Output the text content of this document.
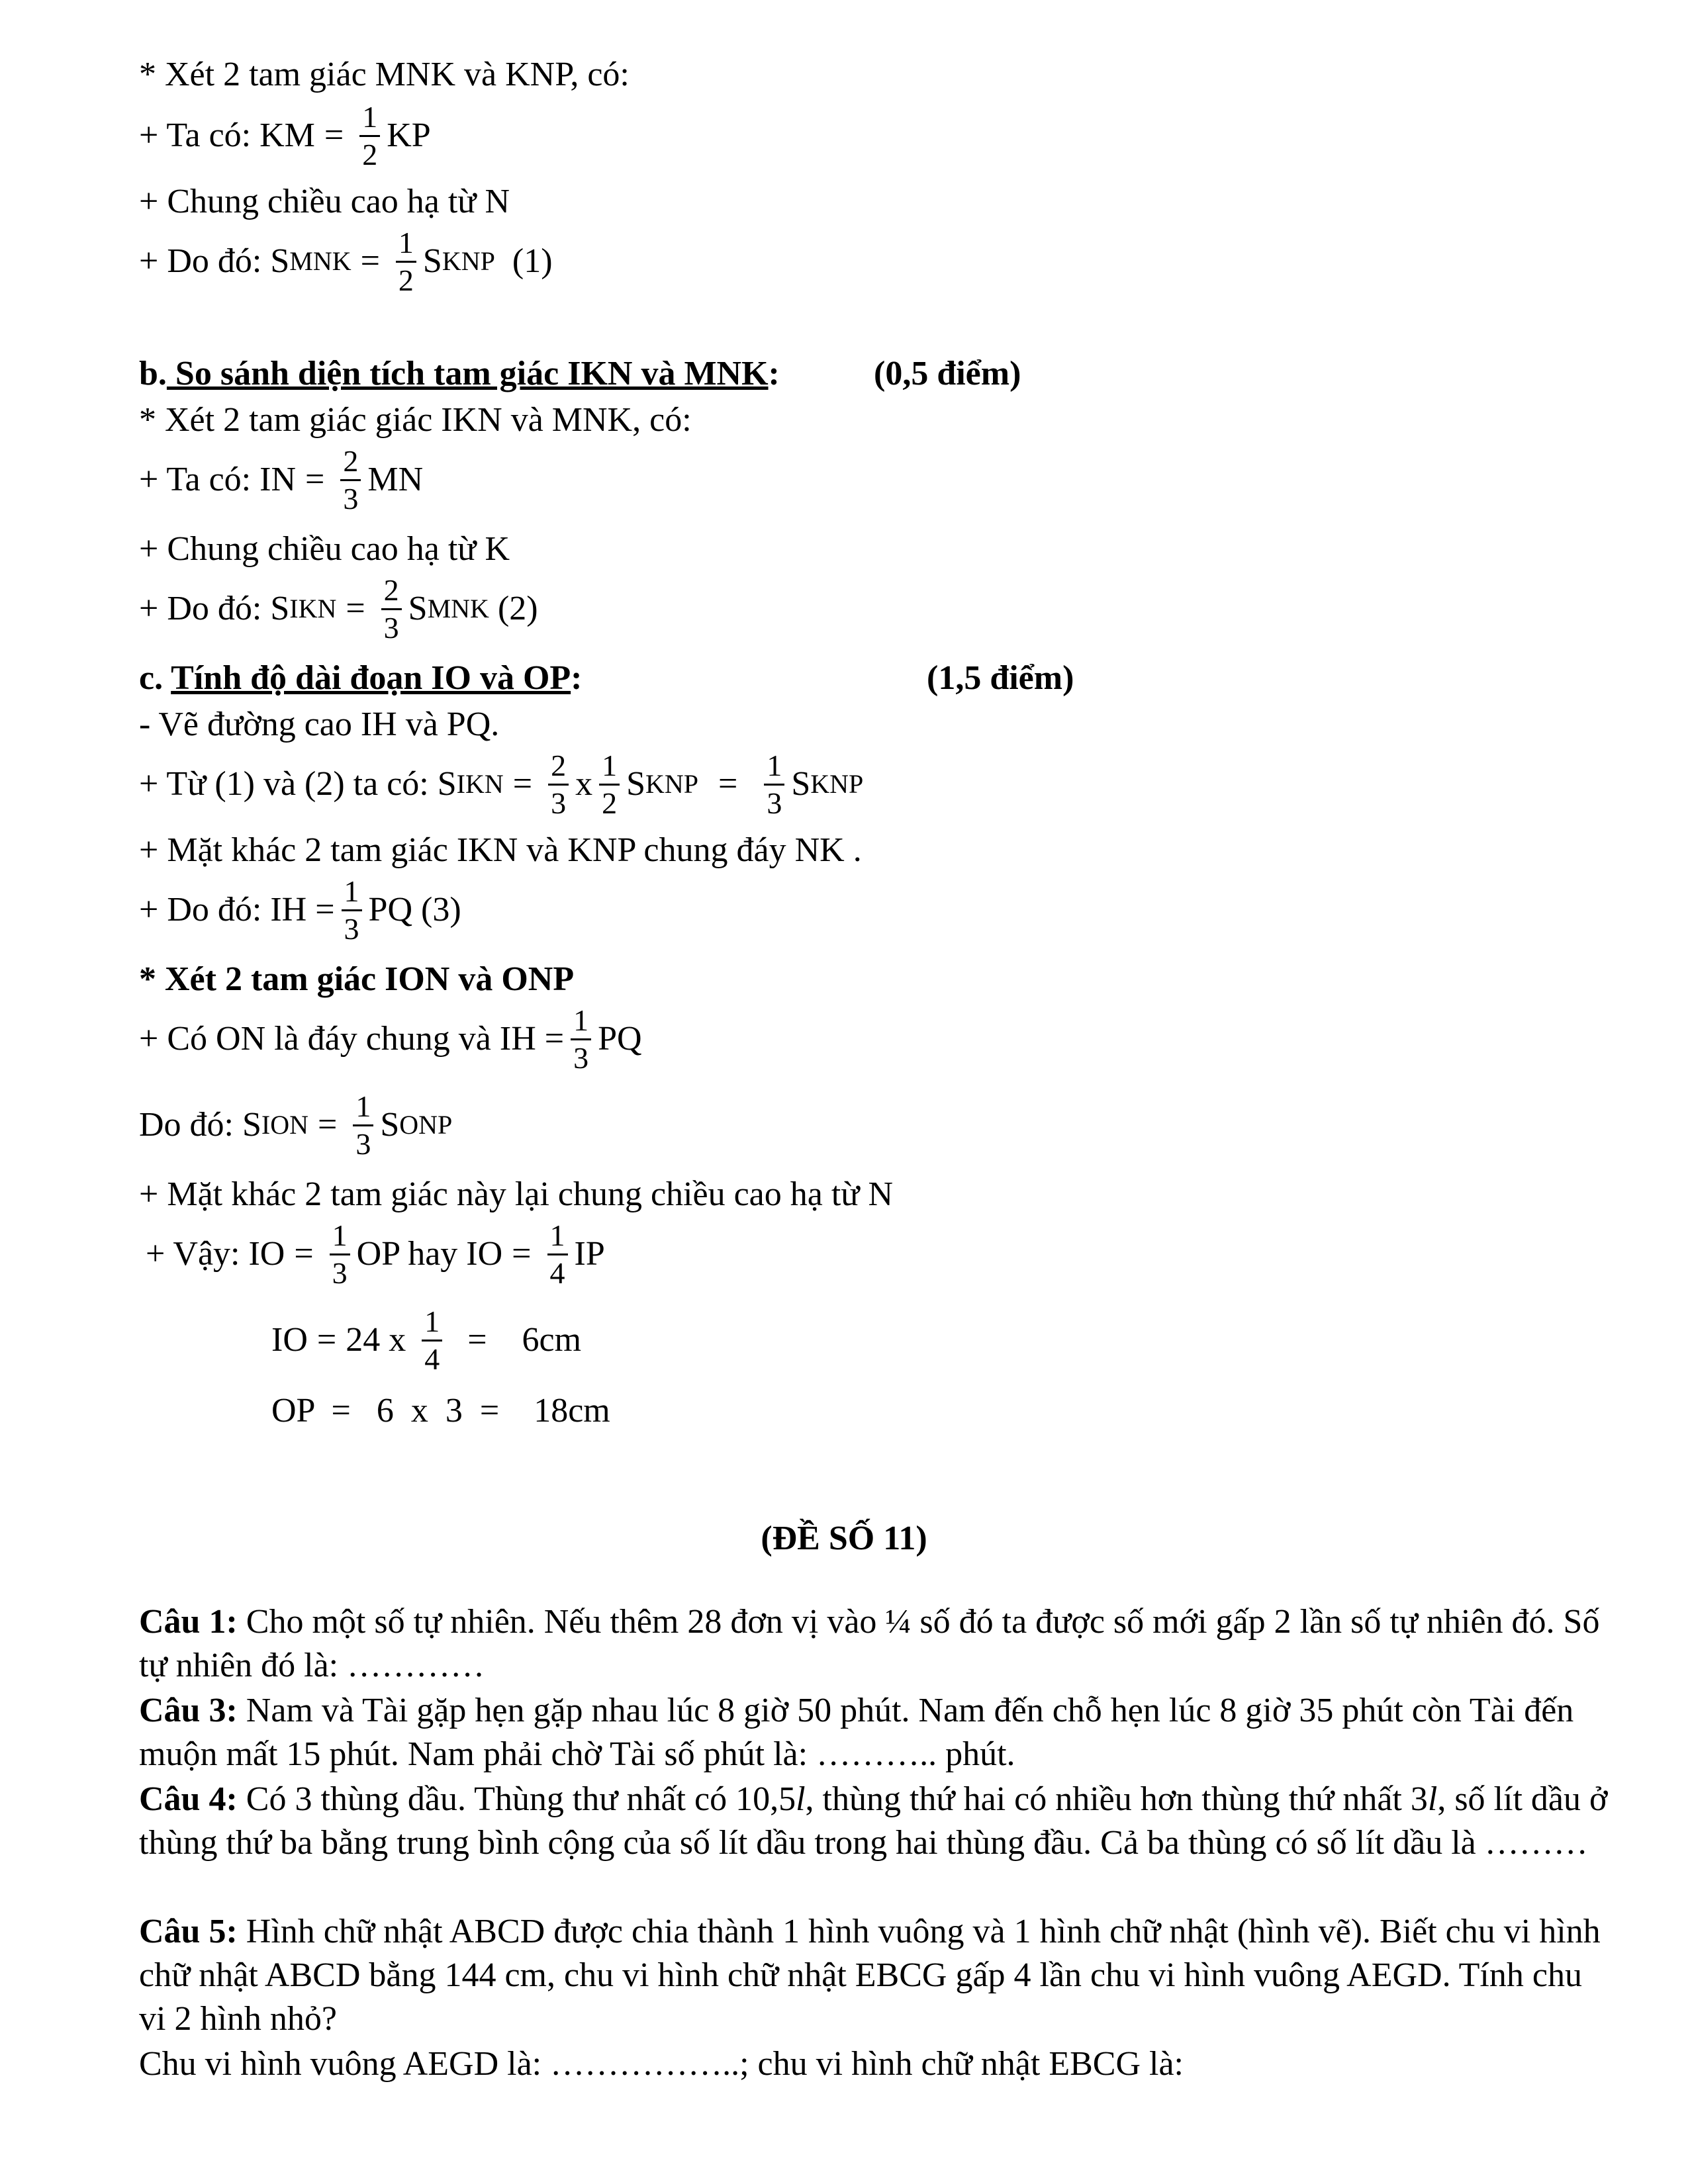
* Xét 2 tam giác MNK và KNP, có:
+ Ta có: KM = $\frac{1}{2}$ KP
+ Chung chiều cao hạ từ N
+ Do đó: S MNK = $\frac{1}{2}$ S KNP
(1)
b. So sánh diện tích tam giác IKN và MNK:	(0,5 điểm)
* Xét 2 tam giác giác IKN và MNK, có:
+ Ta có: IN = $\frac{2}{3}$ MN
+ Chung chiều cao hạ từ K
+ Do đó: S IKN = $\frac{2}{3}$ S MNK
(2)
c. Tính độ dài đoạn IO và OP:	(1,5 điểm)
- Vẽ đường cao IH và PQ.
+ Từ (1) và (2) ta có: S IKN = $\frac{2}{3}$ x $\frac{1}{2}$ S KNP = $\frac{1}{3}$ S KNP
+ Mặt khác 2 tam giác IKN và KNP chung đáy NK .
+ Do đó: IH = $\frac{1}{3}$ PQ (3)
* Xét 2 tam giác ION và ONP
+ Có ON là đáy chung và IH = $\frac{1}{3}$ PQ
Do đó: S ION = $\frac{1}{3}$ S ONP
+ Mặt khác 2 tam giác này lại chung chiều cao hạ từ N
+ Vậy: IO = $\frac{1}{3}$ OP hay IO = $\frac{1}{4}$ IP
IO = 24 x $\frac{1}{4}$ =
6cm
OP  =   6  x  3  =    18cm
(ĐỀ SỐ 11)
Câu 1: Cho một số tự nhiên. Nếu thêm 28 đơn vị vào ¼ số đó ta được số mới gấp 2 lần số tự nhiên đó. Số tự nhiên đó là: …………
Câu 3: Nam và Tài gặp hẹn gặp nhau lúc 8 giờ 50 phút. Nam đến chỗ hẹn lúc 8 giờ 35 phút còn Tài đến muộn mất 15 phút. Nam phải chờ Tài số phút là: ……….. phút.
Câu 4: Có 3 thùng dầu. Thùng thư nhất có 10,5l, thùng thứ hai có nhiều hơn thùng thứ nhất 3l, số lít dầu ở thùng thứ ba bằng trung bình cộng của số lít dầu trong hai thùng đầu. Cả ba thùng có số lít dầu là ………
Câu 5: Hình chữ nhật ABCD được chia thành 1 hình vuông và 1 hình chữ nhật (hình vẽ). Biết chu vi hình chữ nhật ABCD bằng 144 cm, chu vi hình chữ nhật EBCG gấp 4 lần chu vi hình vuông AEGD. Tính chu vi 2 hình nhỏ?
Chu vi hình vuông AEGD là: ……………..; chu vi hình chữ nhật EBCG là:
